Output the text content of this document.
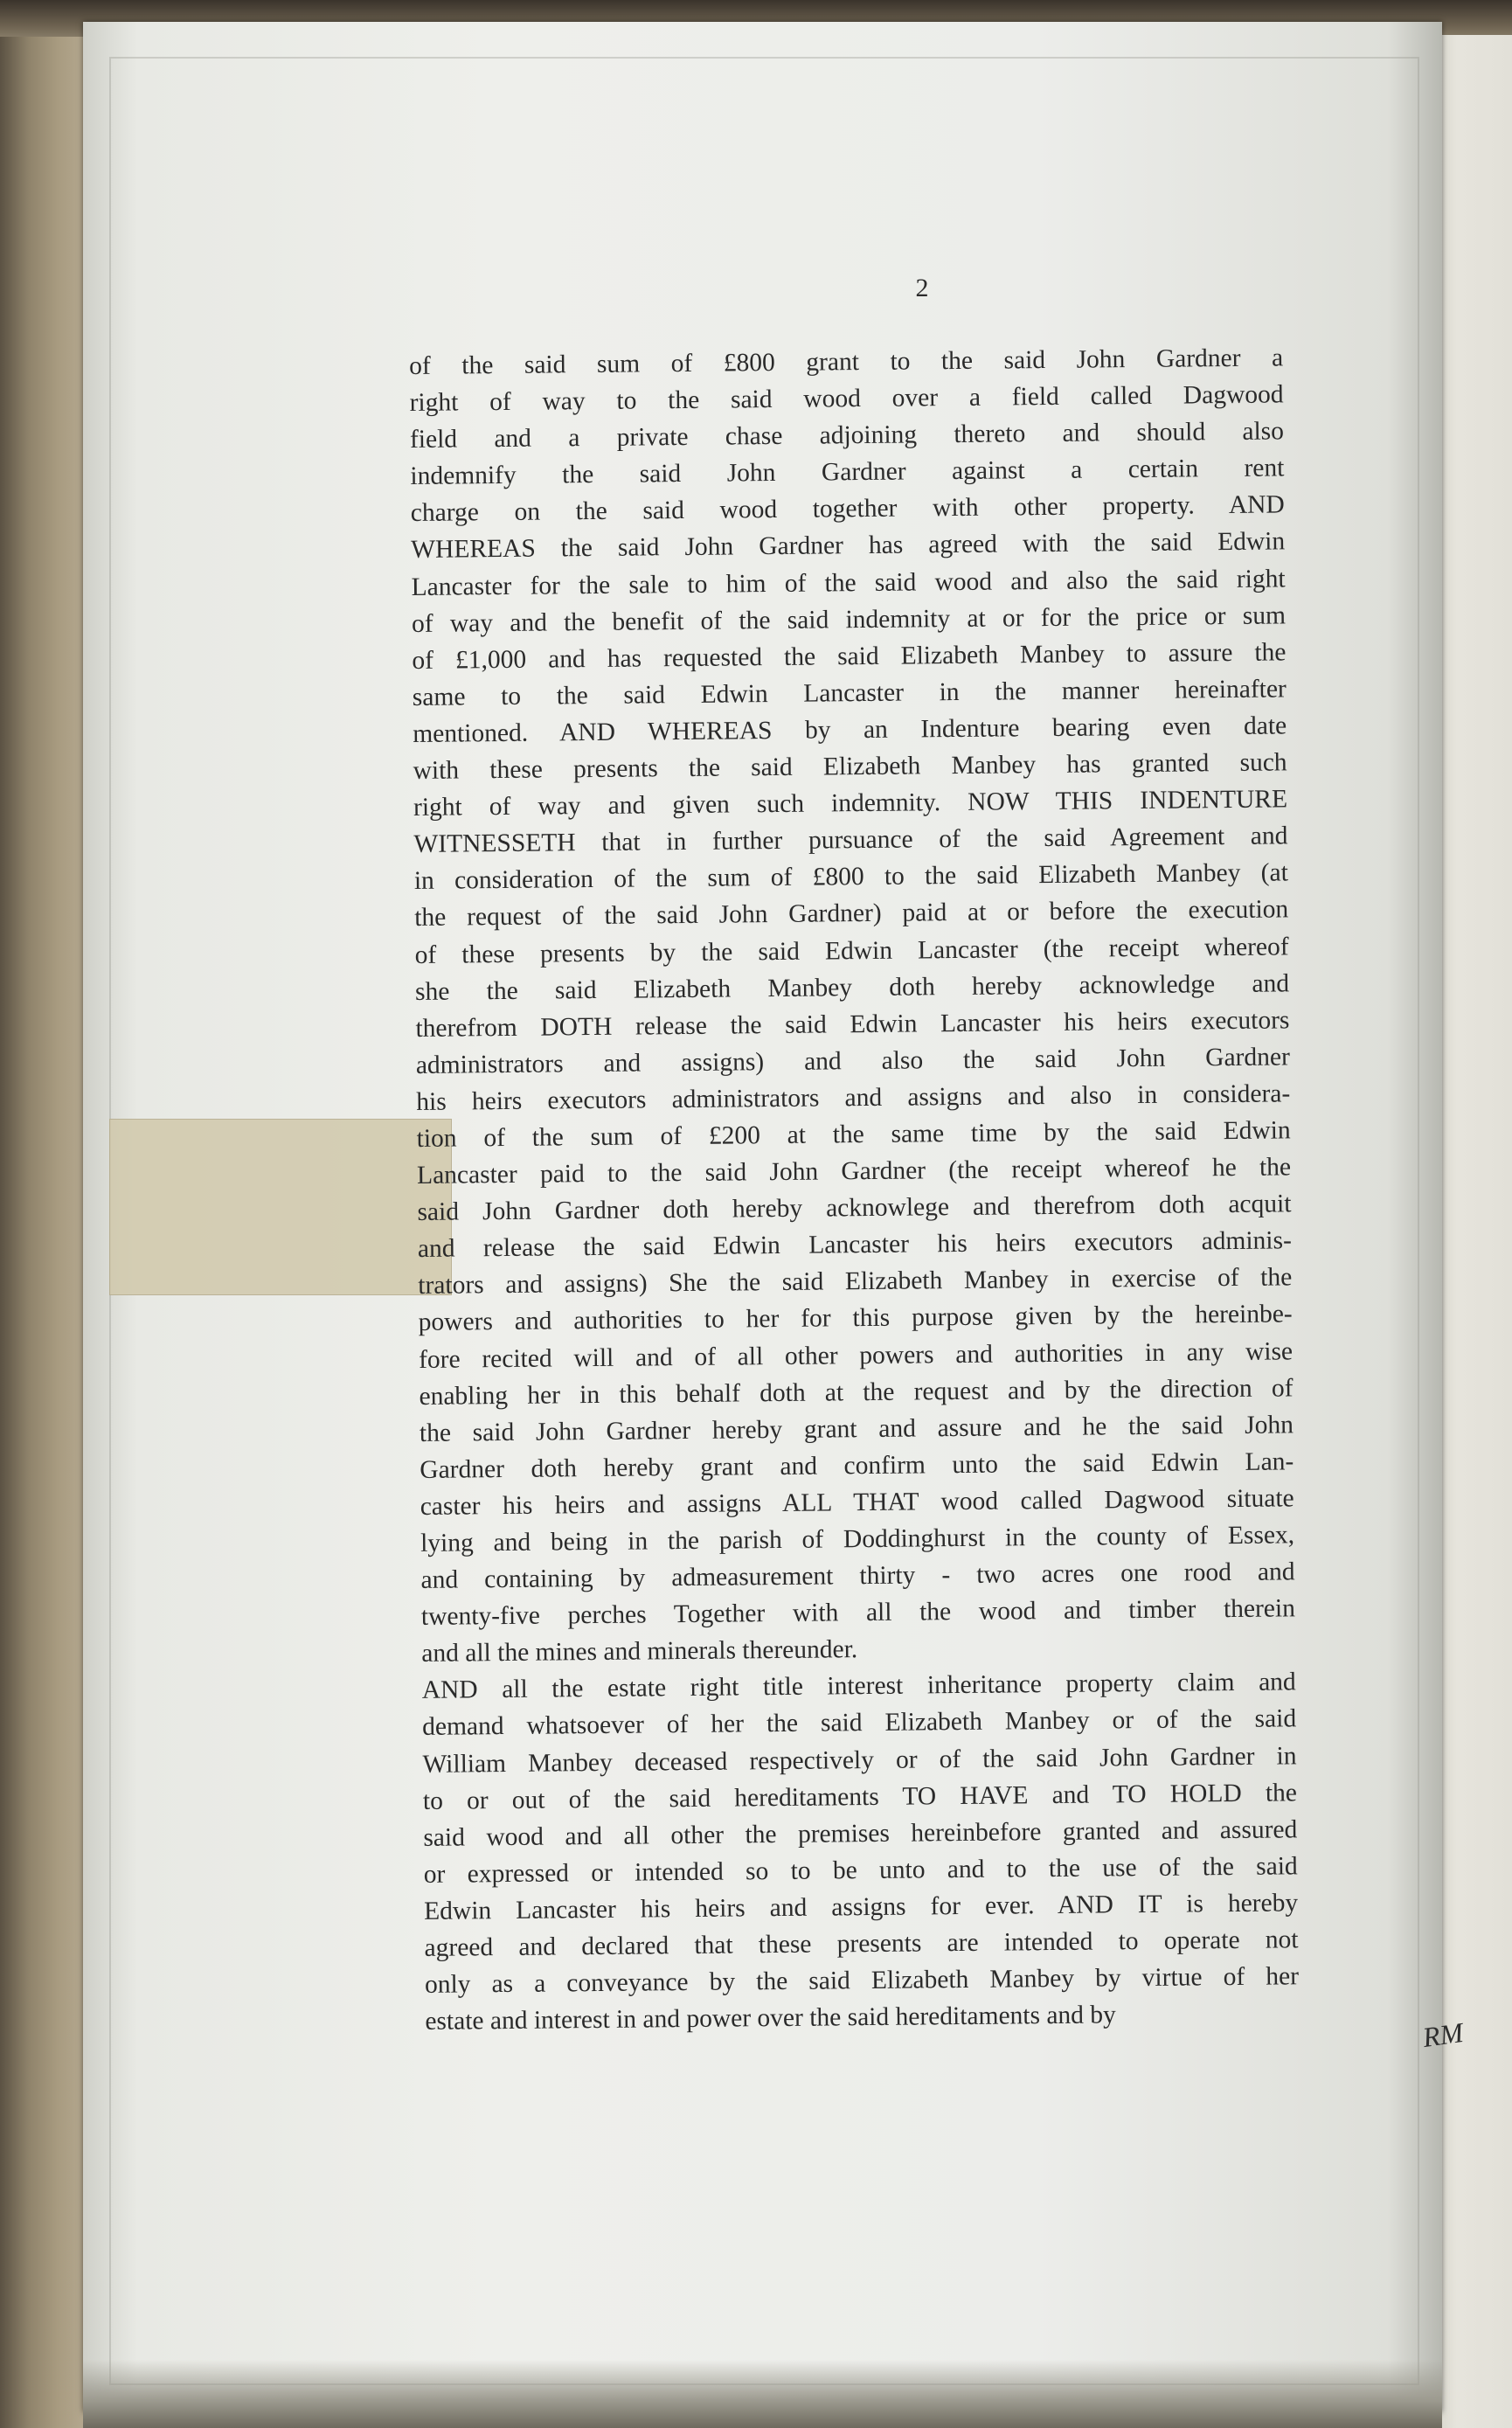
2
of the said sum of £800 grant to the said John Gardner a
right of way to the said wood over a field called Dagwood
field and a private chase adjoining thereto and should also
indemnify the said John Gardner against a certain rent
charge on the said wood together with other property. AND
WHEREAS the said John Gardner has agreed with the said Edwin
Lancaster for the sale to him of the said wood and also the said right
of way and the benefit of the said indemnity at or for the price or sum
of £1,000 and has requested the said Elizabeth Manbey to assure the
same to the said Edwin Lancaster in the manner hereinafter
mentioned. AND WHEREAS by an Indenture bearing even date
with these presents the said Elizabeth Manbey has granted such
right of way and given such indemnity. NOW THIS INDENTURE
WITNESSETH that in further pursuance of the said Agreement and
in consideration of the sum of £800 to the said Elizabeth Manbey (at
the request of the said John Gardner) paid at or before the execution
of these presents by the said Edwin Lancaster (the receipt whereof
she the said Elizabeth Manbey doth hereby acknowledge and
therefrom DOTH release the said Edwin Lancaster his heirs executors
administrators and assigns) and also the said John Gardner
his heirs executors administrators and assigns and also in considera-
tion of the sum of £200 at the same time by the said Edwin
Lancaster paid to the said John Gardner (the receipt whereof he the
said John Gardner doth hereby acknowlege and therefrom doth acquit
and release the said Edwin Lancaster his heirs executors adminis-
trators and assigns) She the said Elizabeth Manbey in exercise of the
powers and authorities to her for this purpose given by the hereinbe-
fore recited will and of all other powers and authorities in any wise
enabling her in this behalf doth at the request and by the direction of
the said John Gardner hereby grant and assure and he the said John
Gardner doth hereby grant and confirm unto the said Edwin Lan-
caster his heirs and assigns ALL THAT wood called Dagwood situate
lying and being in the parish of Doddinghurst in the county of Essex,
and containing by admeasurement thirty - two acres one rood and
twenty-five perches Together with all the wood and timber therein
and all the mines and minerals thereunder.
AND all the estate right title interest inheritance property claim and
demand whatsoever of her the said Elizabeth Manbey or of the said
William Manbey deceased respectively or of the said John Gardner in
to or out of the said hereditaments TO HAVE and TO HOLD the
said wood and all other the premises hereinbefore granted and assured
or expressed or intended so to be unto and to the use of the said
Edwin Lancaster his heirs and assigns for ever. AND IT is hereby
agreed and declared that these presents are intended to operate not
only as a conveyance by the said Elizabeth Manbey by virtue of her
estate and interest in and power over the said hereditaments and by	RM
